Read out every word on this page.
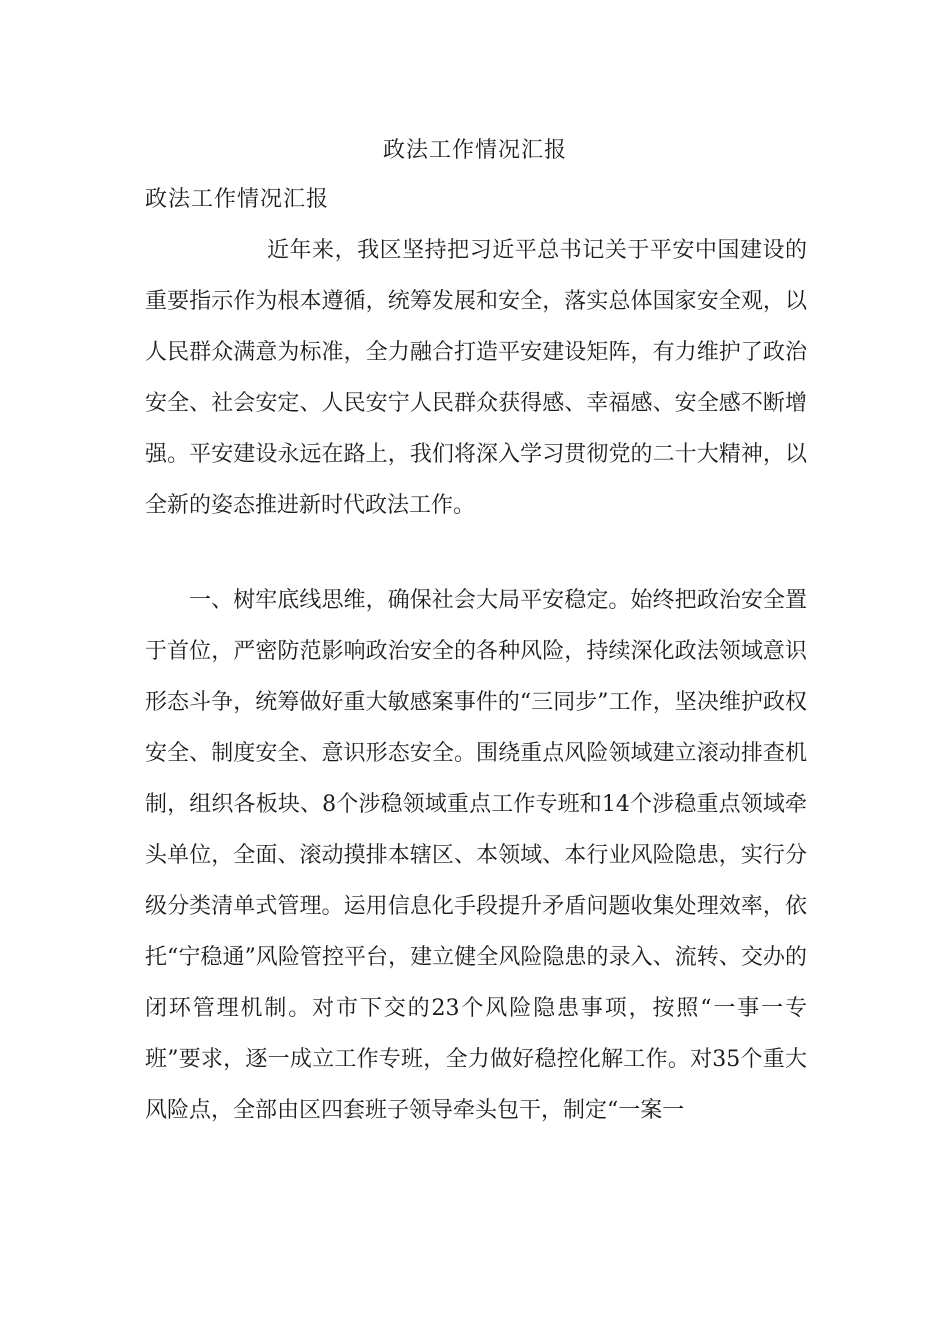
政法工作情况汇报
政法工作情况汇报

近年来，我区坚持把习近平总书记关于平安中国建设的重要指示作为根本遵循，统筹发展和安全，落实总体国家安全观，以人民群众满意为标准，全力融合打造平安建设矩阵，有力维护了政治安全、社会安定、人民安宁人民群众获得感、幸福感、安全感不断增强。平安建设永远在路上，我们将深入学习贯彻党的二十大精神，以全新的姿态推进新时代政法工作。

一、树牢底线思维，确保社会大局平安稳定。始终把政治安全置于首位，严密防范影响政治安全的各种风险，持续深化政法领域意识形态斗争，统筹做好重大敏感案事件的“三同步”工作，坚决维护政权安全、制度安全、意识形态安全。围绕重点风险领域建立滚动排查机制，组织各板块、8个涉稳领域重点工作专班和14个涉稳重点领域牵头单位，全面、滚动摸排本辖区、本领域、本行业风险隐患，实行分级分类清单式管理。运用信息化手段提升矛盾问题收集处理效率，依托“宁稳通”风险管控平台，建立健全风险隐患的录入、流转、交办的闭环管理机制。对市下交的23个风险隐患事项，按照“一事一专班”要求，逐一成立工作专班，全力做好稳控化解工作。对35个重大风险点，全部由区四套班子领导牵头包干，制定“一案一
